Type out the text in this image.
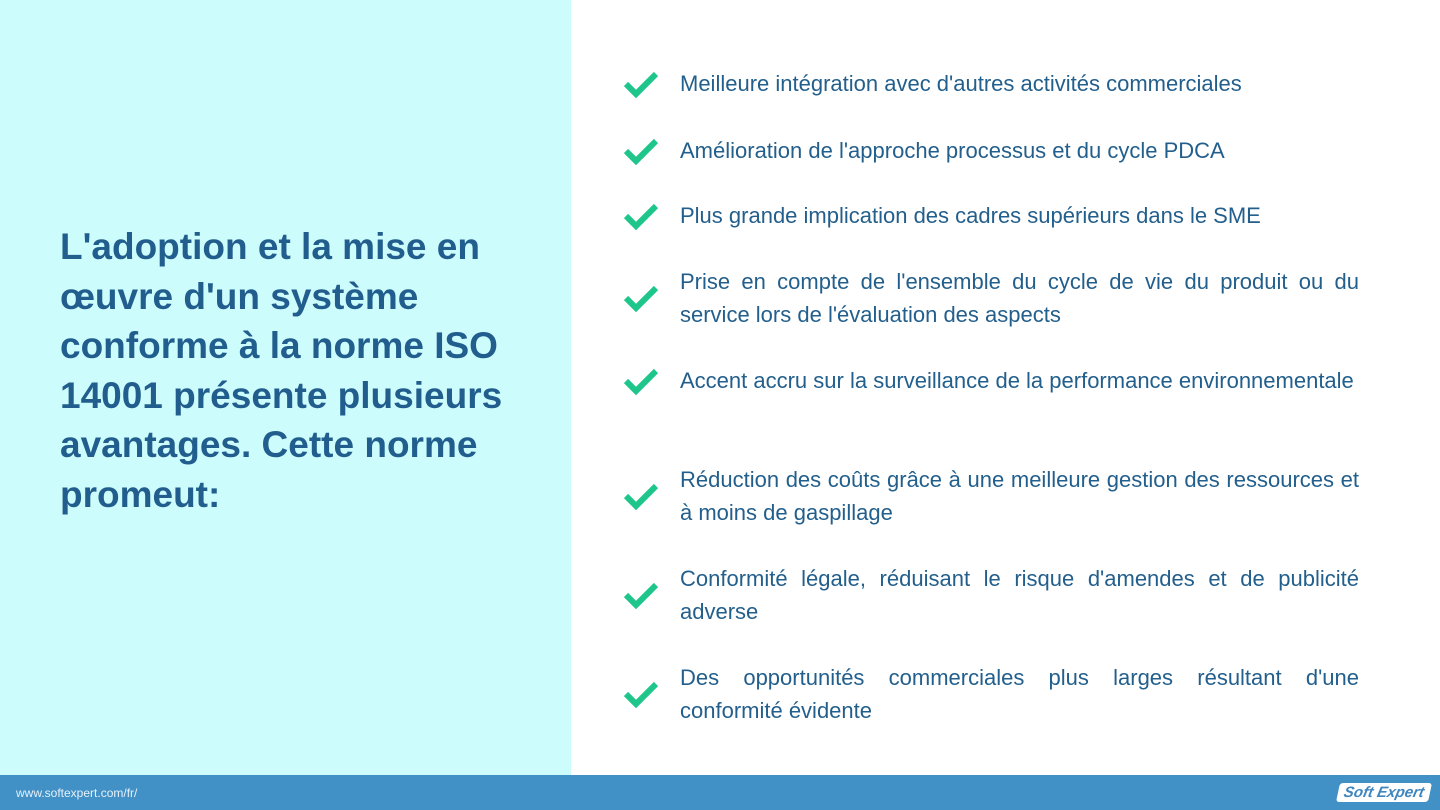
L'adoption et la mise en œuvre d'un système conforme à la norme ISO 14001 présente plusieurs avantages. Cette norme promeut:
Meilleure intégration avec d'autres activités commerciales
Amélioration de l'approche processus et du cycle PDCA
Plus grande implication des cadres supérieurs dans le SME
Prise en compte de l'ensemble du cycle de vie du produit ou du service lors de l'évaluation des aspects
Accent accru sur la surveillance de la performance environnementale
Réduction des coûts grâce à une meilleure gestion des ressources et à moins de gaspillage
Conformité légale, réduisant le risque d'amendes et de publicité adverse
Des opportunités commerciales plus larges résultant d'une conformité évidente
www.softexpert.com/fr/	Soft Expert
